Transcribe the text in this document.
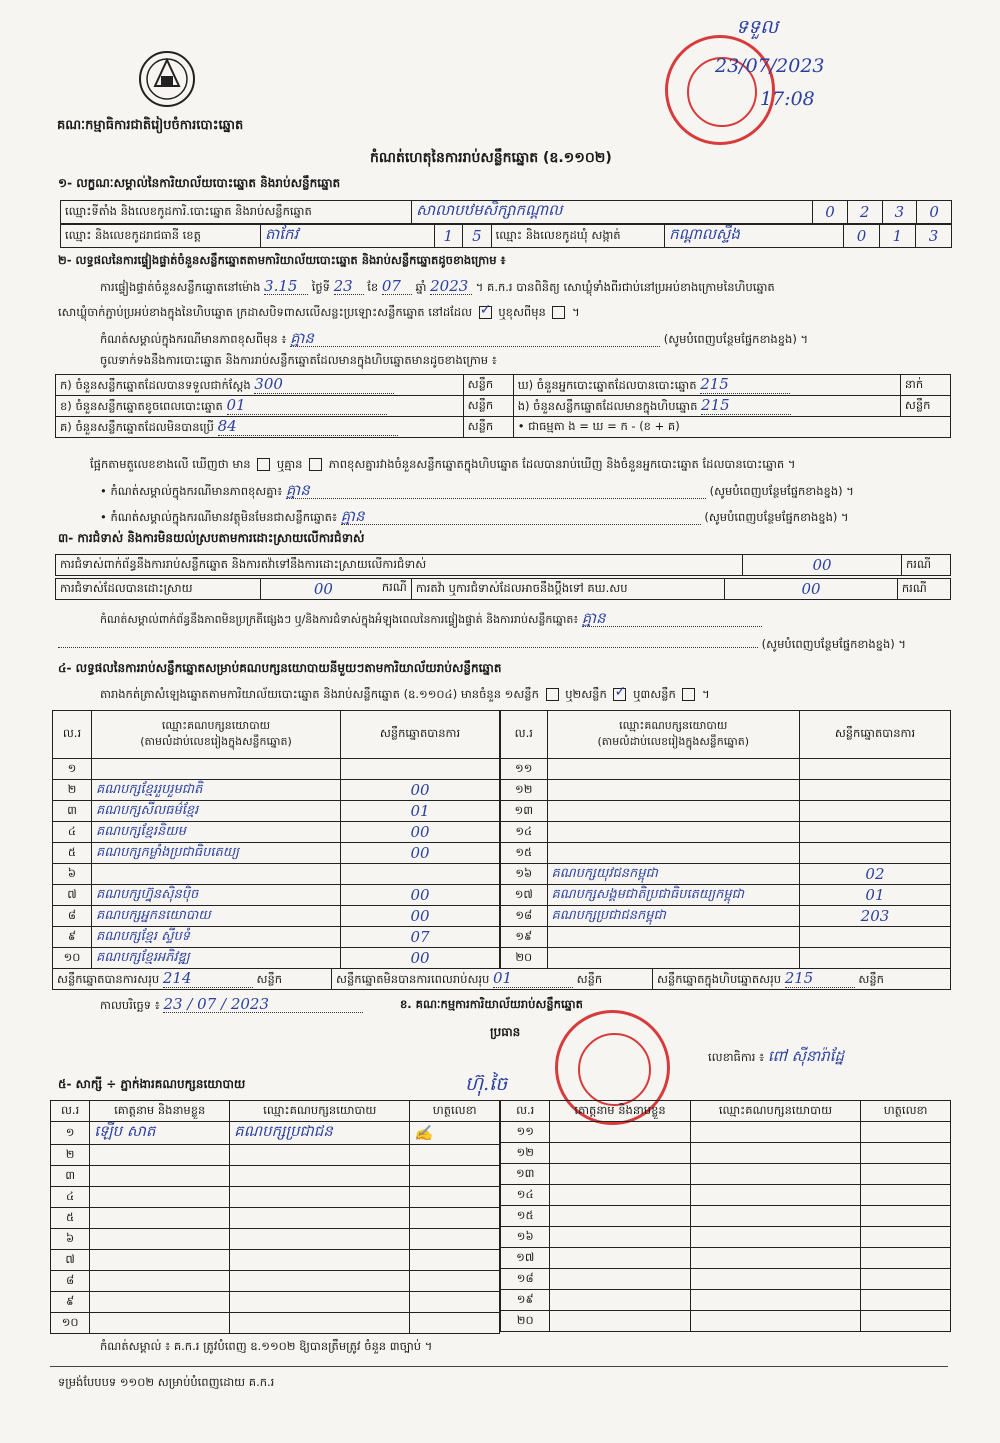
គណៈកម្មាធិការជាតិរៀបចំការបោះឆ្នោត
កំណត់ហេតុនៃការរាប់សន្លឹកឆ្នោត (ឧ.១១០២)
ទទួល
23/07/2023
17:08
១- លក្ខណៈសម្គាល់នៃការិយាល័យបោះឆ្នោត និងរាប់សន្លឹកឆ្នោត
ឈ្មោះទីតាំង និងលេខកូដការិ.បោះឆ្នោត និងរាប់សន្លឹកឆ្នោត	សាលាបឋមសិក្សាកណ្ដាល	0	2	3	0
ឈ្មោះ និងលេខកូដរាជធានី ខេត្ត	តាកែវ	1	5	ឈ្មោះ និងលេខកូដឃុំ សង្កាត់	កណ្ដាលស្ទឹង	0	1	3
២- លទ្ធផលនៃការផ្ទៀងផ្ទាត់ចំនួនសន្លឹកឆ្នោតតាមការិយាល័យបោះឆ្នោត និងរាប់សន្លឹកឆ្នោតដូចខាងក្រោម ៖
ការផ្ទៀងផ្ទាត់ចំនួនសន្លឹកឆ្នោតនៅម៉ោង 3.15 ថ្ងៃទី 23 ខែ 07 ឆ្នាំ 2023 ។ គ.ក.រ បានពិនិត្យ សោឃ្លុំទាំងពីរជាប់នៅប្រអប់ខាងក្រោមនៃហិបឆ្នោត
សោឃ្លុំចាក់ភ្ជាប់ប្រអប់ខាងក្នុងនៃហិបឆ្នោត ក្រដាសបិទពាសលើសន្លះប្រឡោះសន្លឹកឆ្នោត នៅដដែល ✓ ឬខុសពីមុន  ។
កំណត់សម្គាល់ក្នុងករណីមានភាពខុសពីមុន ៖ គ្មាន	(សូមបំពេញបន្ថែមផ្នែកខាងខ្នង) ។
ចូលទាក់ទងនឹងការបោះឆ្នោត និងការរាប់សន្លឹកឆ្នោតដែលមានក្នុងហិបឆ្នោតមានដូចខាងក្រោម ៖
ក) ចំនួនសន្លឹកឆ្នោតដែលបានទទួលជាក់ស្ដែង 300	សន្លឹក	ឃ) ចំនួនអ្នកបោះឆ្នោតដែលបានបោះឆ្នោត 215	នាក់
ខ) ចំនួនសន្លឹកឆ្នោតខូចពេលបោះឆ្នោត 01	សន្លឹក	ង) ចំនួនសន្លឹកឆ្នោតដែលមានក្នុងហិបឆ្នោត 215	សន្លឹក
គ) ចំនួនសន្លឹកឆ្នោតដែលមិនបានប្រើ 84	សន្លឹក	• ជាធម្មតា ង = ឃ = ក - (ខ + គ)	
ផ្អែកតាមតួលេខខាងលើ ឃើញថា មាន ឬគ្មាន ភាពខុសគ្នារវាងចំនួនសន្លឹកឆ្នោតក្នុងហិបឆ្នោត ដែលបានរាប់ឃើញ និងចំនួនអ្នកបោះឆ្នោត ដែលបានបោះឆ្នោត ។
• កំណត់សម្គាល់ក្នុងករណីមានភាពខុសគ្នា៖ គ្មាន	(សូមបំពេញបន្ថែមផ្នែកខាងខ្នង) ។
• កំណត់សម្គាល់ក្នុងករណីមានវត្ថុមិនមែនជាសន្លឹកឆ្នោត៖ គ្មាន	(សូមបំពេញបន្ថែមផ្នែកខាងខ្នង) ។
៣- ការជំទាស់ និងការមិនយល់ស្របតាមការដោះស្រាយលើការជំទាស់
ការជំទាស់ពាក់ព័ន្ធនឹងការរាប់សន្លឹកឆ្នោត និងការតវ៉ាទៅនឹងការដោះស្រាយលើការជំទាស់	00	ករណី
ការជំទាស់ដែលបានដោះស្រាយ	00	ករណី	ការតវ៉ា ឬការជំទាស់ដែលអាចនឹងប្ដឹងទៅ គឃ.សប	00	ករណី
កំណត់សម្គាល់ពាក់ព័ន្ធនឹងភាពមិនប្រក្រតីផ្សេងៗ ឬ/និងការជំទាស់ក្នុងអំឡុងពេលនៃការផ្ទៀងផ្ទាត់ និងការរាប់សន្លឹកឆ្នោត៖ គ្មាន
(សូមបំពេញបន្ថែមផ្នែកខាងខ្នង) ។
៤- លទ្ធផលនៃការរាប់សន្លឹកឆ្នោតសម្រាប់គណបក្សនយោបាយនីមួយៗតាមការិយាល័យរាប់សន្លឹកឆ្នោត
តារាងកត់ត្រាសំឡេងឆ្នោតតាមការិយាល័យបោះឆ្នោត និងរាប់សន្លឹកឆ្នោត (ឧ.១១០៤) មានចំនួន ១សន្លឹក ឬ២សន្លឹក ✓ ឬ៣សន្លឹក  ។
ល.រ	ឈ្មោះគណបក្សនយោបាយ
(តាមលំដាប់លេខរៀងក្នុងសន្លឹកឆ្នោត)	សន្លឹកឆ្នោតបានការ
១		
២	គណបក្សខ្មែររួបរួមជាតិ	00
៣	គណបក្សសីលធម៌ខ្មែរ	01
៤	គណបក្សខ្មែរនិយម	00
៥	គណបក្សកម្លាំងប្រជាធិបតេយ្យ	00
៦		
៧	គណបក្សហ្វ៊ុនស៊ិនប៉ិច	00
៨	គណបក្សអ្នកនយោបាយ	00
៩	គណបក្សខ្មែរ ស្ទីបទំ	07
១០	គណបក្សខ្មែរអភិវឌ្ឍ	00
ល.រ	ឈ្មោះគណបក្សនយោបាយ
(តាមលំដាប់លេខរៀងក្នុងសន្លឹកឆ្នោត)	សន្លឹកឆ្នោតបានការ
១១		
១២		
១៣		
១៤		
១៥		
១៦	គណបក្សយុវជនកម្ពុជា	02
១៧	គណបក្សសង្គមជាតិប្រជាធិបតេយ្យកម្ពុជា	01
១៨	គណបក្សប្រជាជនកម្ពុជា	203
១៩		
២០		
សន្លឹកឆ្នោតបានការសរុប 214	សន្លឹក	សន្លឹកឆ្នោតមិនបានការពេលរាប់សរុប 01	សន្លឹក	សន្លឹកឆ្នោតក្នុងហិបឆ្នោតសរុប 215	សន្លឹក
កាលបរិច្ឆេទ ៖ 23 / 07 / 2023	ខ. គណៈកម្មការការិយាល័យរាប់សន្លឹកឆ្នោត
ប្រធាន
ហ៊ុ.ចៃ
លេខាធិការ ៖ ពៅ ស៊ីនារ៉ាដែ្ន
៥- សាក្សី ÷ ភ្នាក់ងារគណបក្សនយោបាយ
ល.រ	គោត្តនាម និងនាមខ្លួន	ឈ្មោះគណបក្សនយោបាយ	ហត្ថលេខា
១	ឡើប សាត	គណបក្សប្រជាជន	✍
២			
៣			
៤			
៥			
៦			
៧			
៨			
៩			
១០			
ល.រ	គោត្តនាម និងនាមខ្លួន	ឈ្មោះគណបក្សនយោបាយ	ហត្ថលេខា
១១			
១២			
១៣			
១៤			
១៥			
១៦			
១៧			
១៨			
១៩			
២០			
កំណត់សម្គាល់ ៖ គ.ក.រ ត្រូវបំពេញ ឧ.១១០២ ឱ្យបានត្រឹមត្រូវ ចំនួន ៣ច្បាប់ ។
ទម្រង់បែបបទ ១១០២ សម្រាប់បំពេញដោយ គ.ក.រ
